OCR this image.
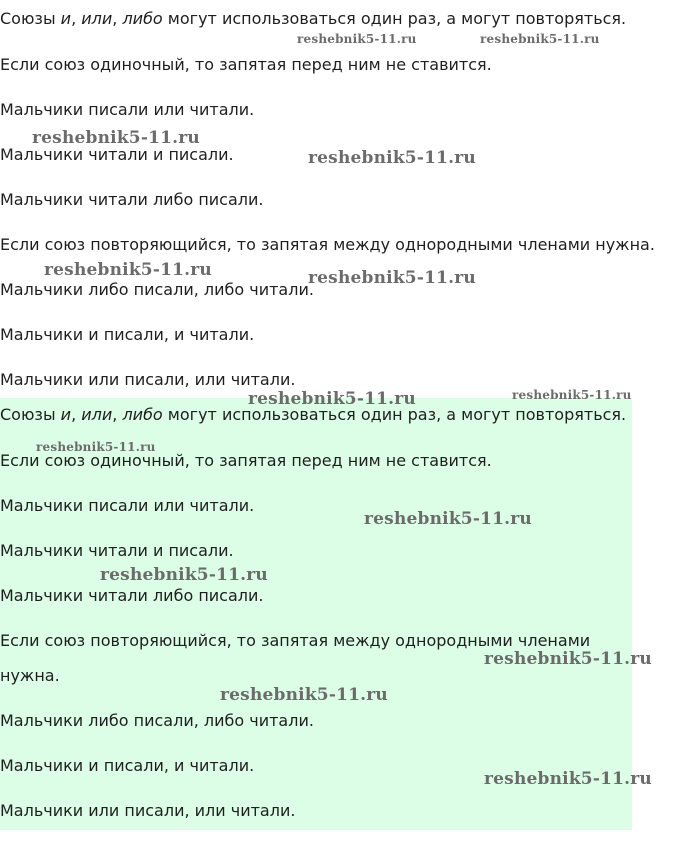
Союзы и, или, либо могут использоваться один раз, а могут повторяться.

Если союз одиночный, то запятая перед ним не ставится.

Мальчики писали или читали.

Мальчики читали и писали.

Мальчики читали либо писали.

Если союз повторяющийся, то запятая между однородными членами нужна.

Мальчики либо писали, либо читали.

Мальчики и писали, и читали.

Мальчики или писали, или читали.

Союзы и, или, либо могут использоваться один раз, а могут повторяться.

Если союз одиночный, то запятая перед ним не ставится.

Мальчики писали или читали.

Мальчики читали и писали.

Мальчики читали либо писали.

Если союз повторяющийся, то запятая между однородными членами

нужна.

Мальчики либо писали, либо читали.

Мальчики и писали, и читали.

Мальчики или писали, или читали.

reshebnik5-11.ru	reshebnik5-11.ru
reshebnik5-11.ru
reshebnik5-11.ru
reshebnik5-11.ru	reshebnik5-11.ru
reshebnik5-11.ru	reshebnik5-11.ru
reshebnik5-11.ru
reshebnik5-11.ru
reshebnik5-11.ru
reshebnik5-11.ru
reshebnik5-11.ru
reshebnik5-11.ru
